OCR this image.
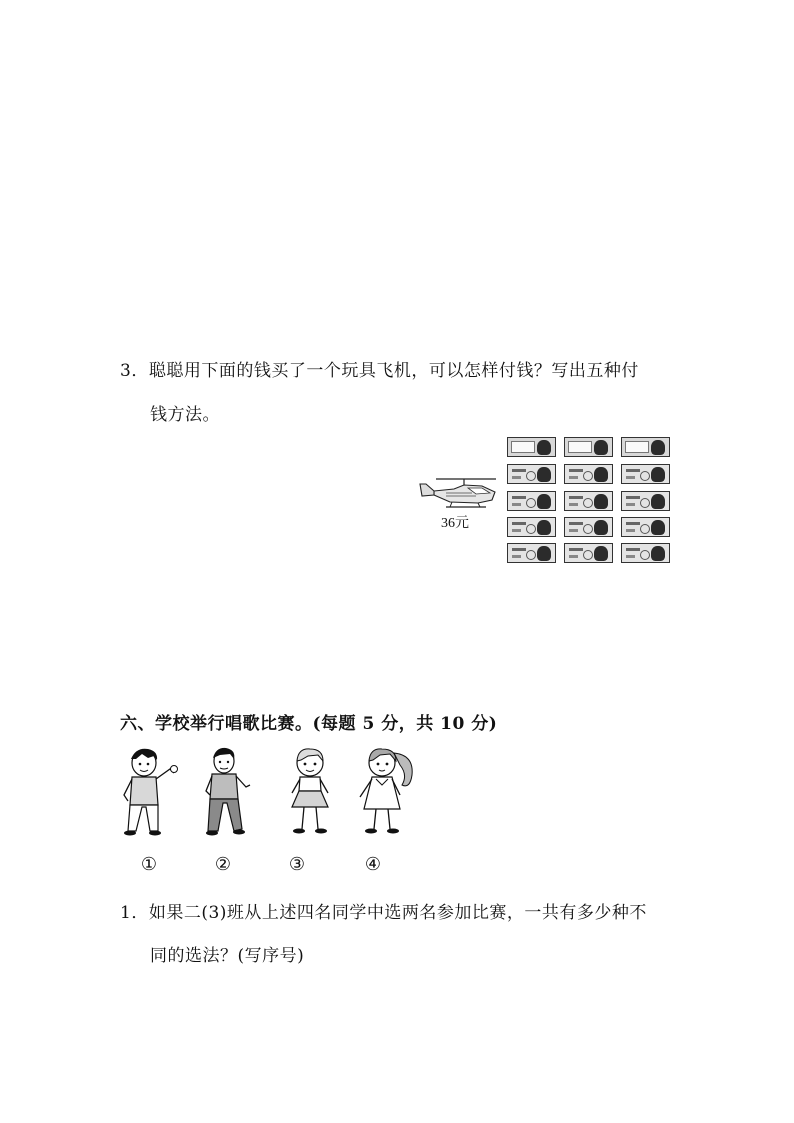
3．聪聪用下面的钱买了一个玩具飞机，可以怎样付钱？写出五种付
钱方法。
36元
六、学校举行唱歌比赛。(每题 5 分，共 10 分)
①	②	③	④
1．如果二(3)班从上述四名同学中选两名参加比赛，一共有多少种不
同的选法？(写序号)
